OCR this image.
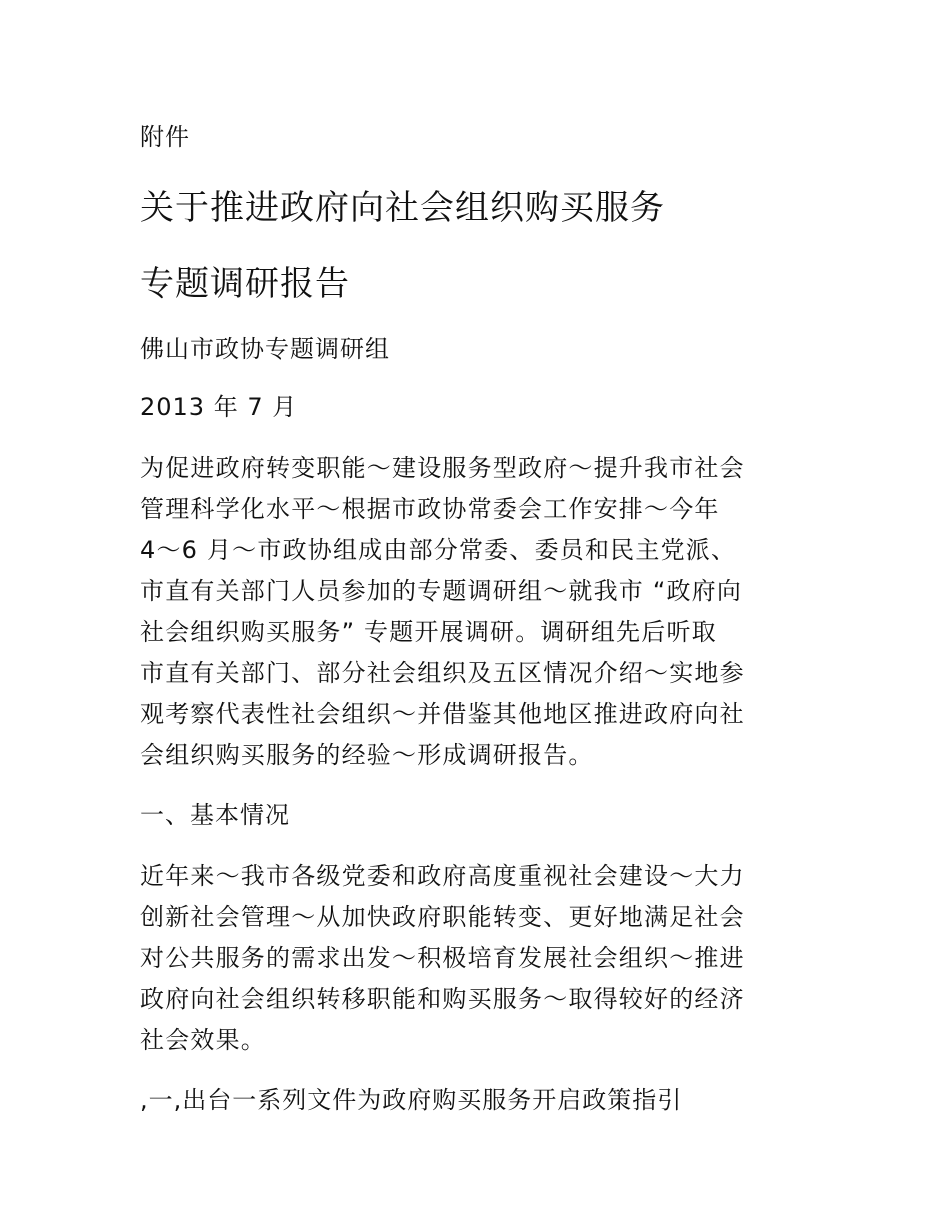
附件
关于推进政府向社会组织购买服务
专题调研报告
佛山市政协专题调研组
2013 年 7 月
为促进政府转变职能～建设服务型政府～提升我市社会
管理科学化水平～根据市政协常委会工作安排～今年
4～6 月～市政协组成由部分常委、委员和民主党派、
市直有关部门人员参加的专题调研组～就我市 “政府向
社会组织购买服务” 专题开展调研。调研组先后听取
市直有关部门、部分社会组织及五区情况介绍～实地参
观考察代表性社会组织～并借鉴其他地区推进政府向社
会组织购买服务的经验～形成调研报告。
一、基本情况
近年来～我市各级党委和政府高度重视社会建设～大力
创新社会管理～从加快政府职能转变、更好地满足社会
对公共服务的需求出发～积极培育发展社会组织～推进
政府向社会组织转移职能和购买服务～取得较好的经济
社会效果。
,一,出台一系列文件为政府购买服务开启政策指引
